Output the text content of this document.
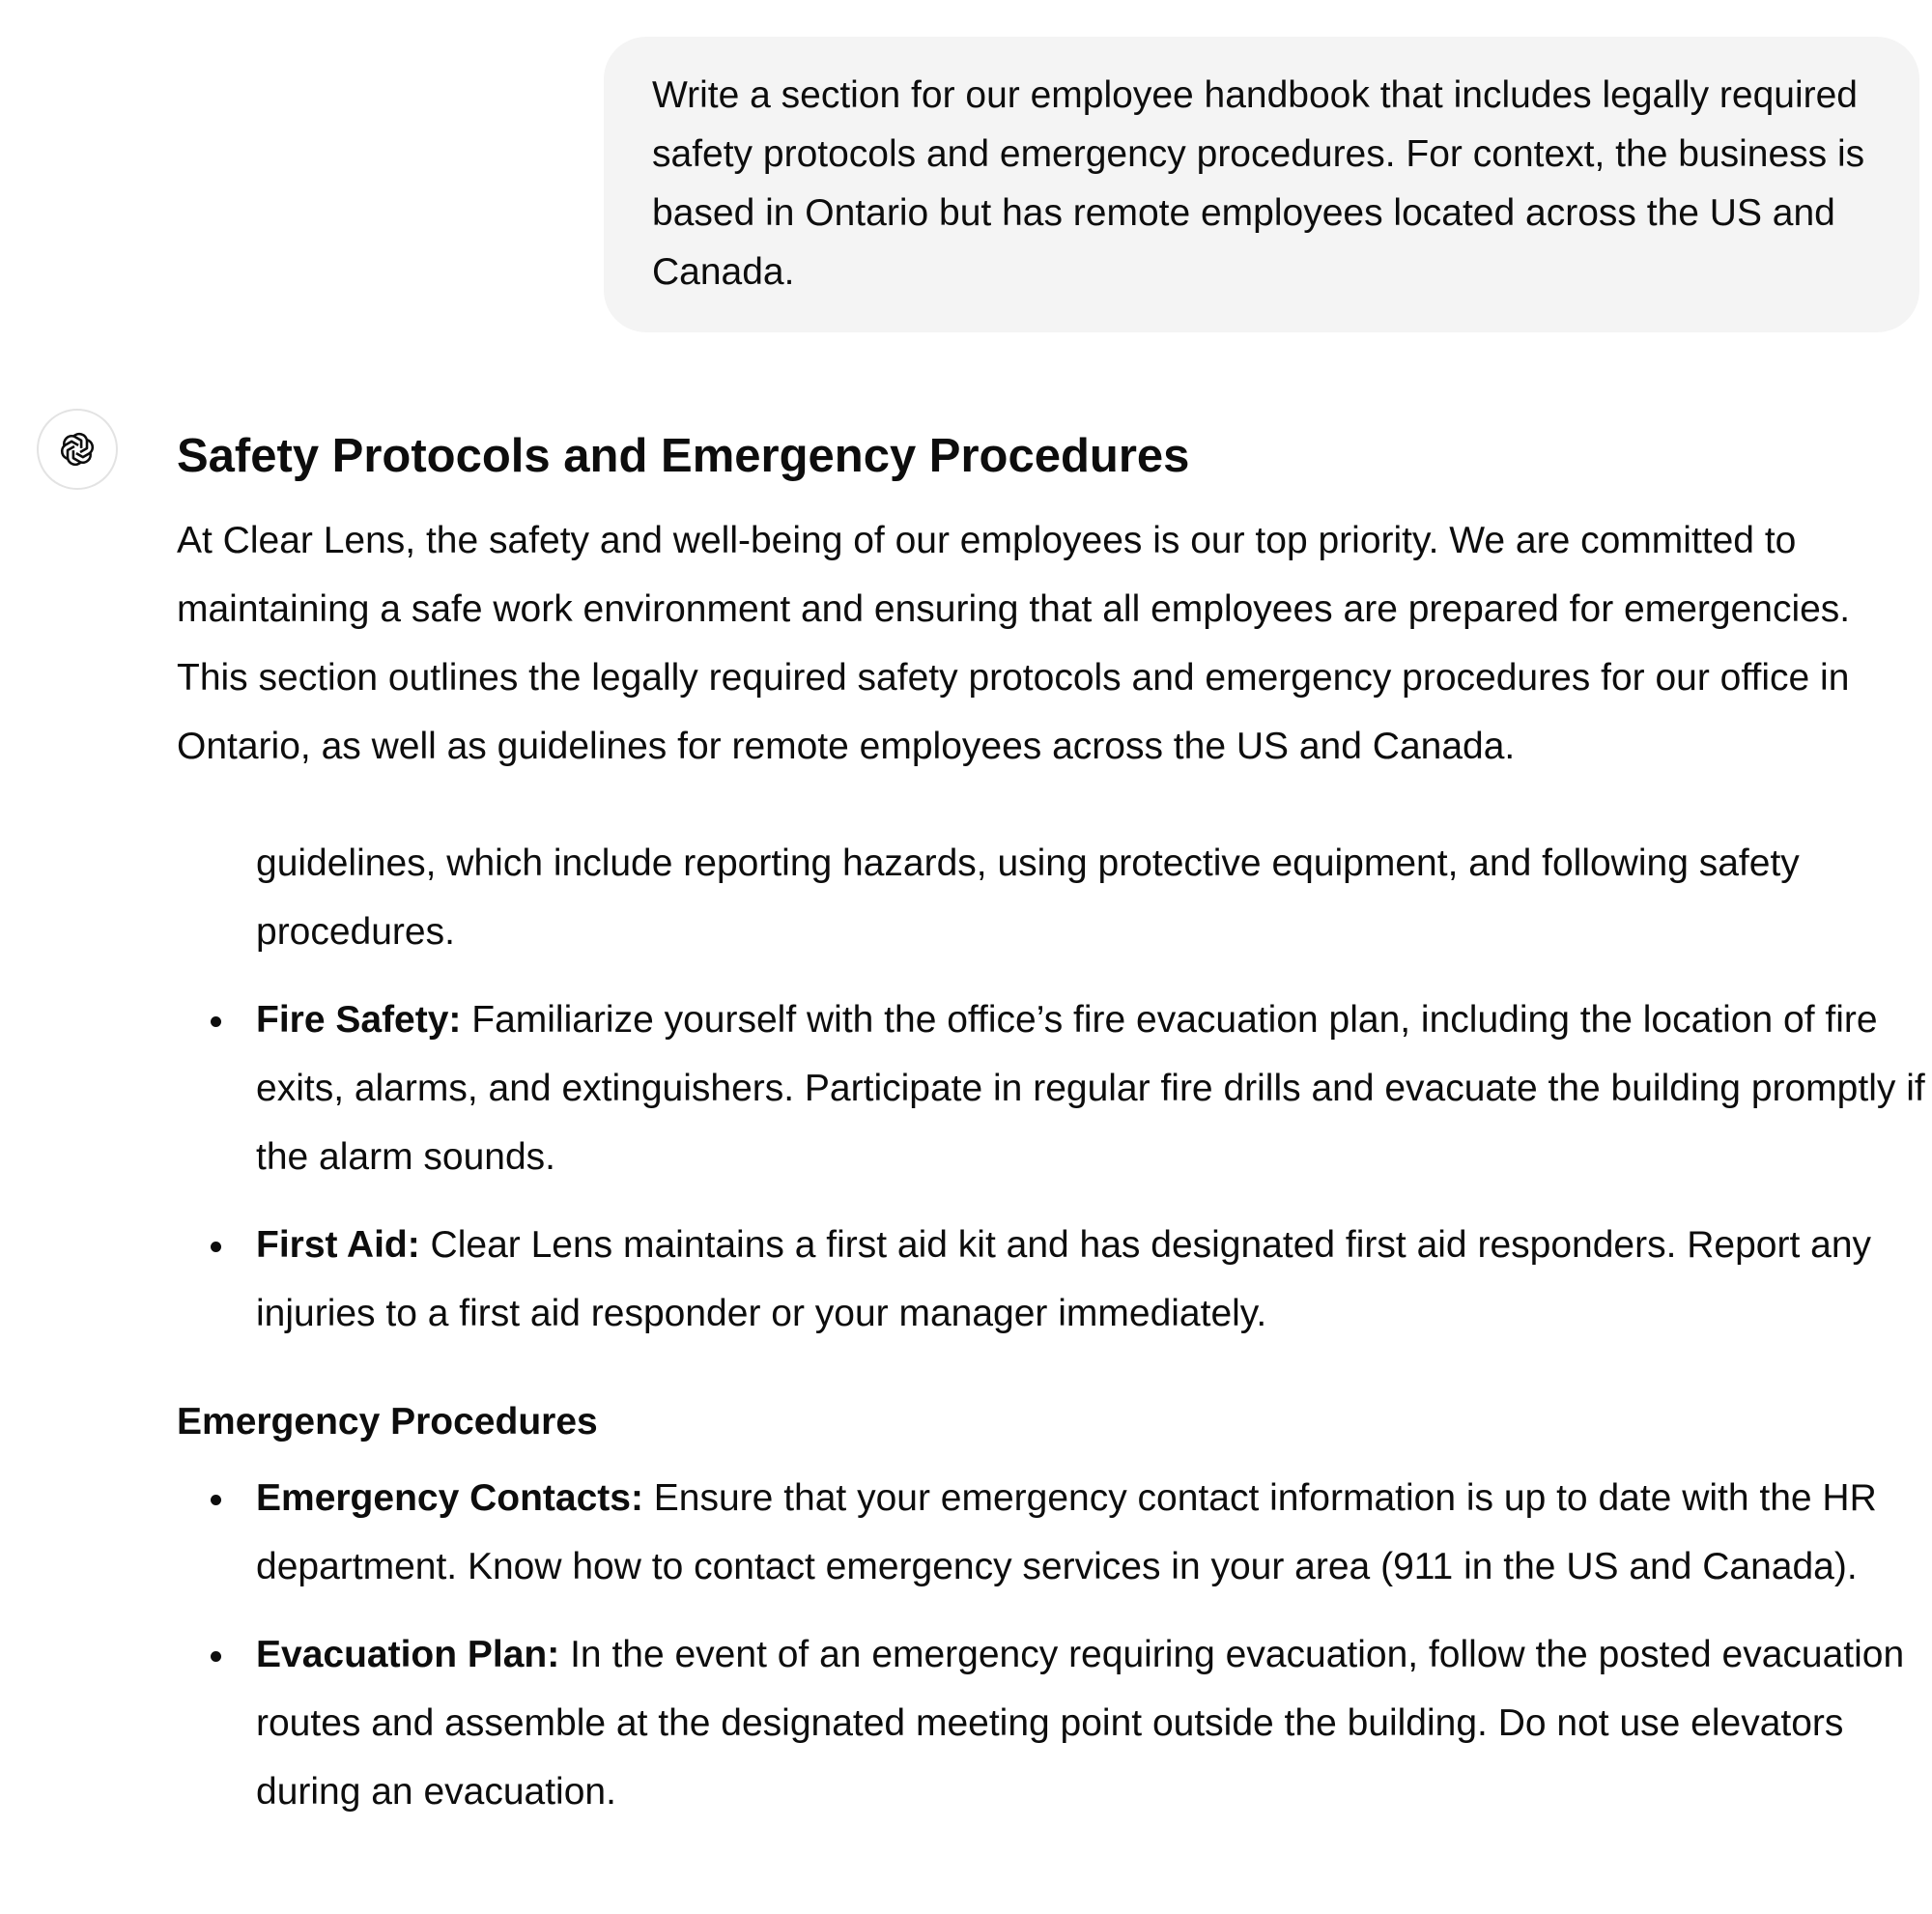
Write a section for our employee handbook that includes legally required safety protocols and emergency procedures. For context, the business is based in Ontario but has remote employees located across the US and Canada.
Safety Protocols and Emergency Procedures

At Clear Lens, the safety and well-being of our employees is our top priority. We are committed to maintaining a safe work environment and ensuring that all employees are prepared for emergencies. This section outlines the legally required safety protocols and emergency procedures for our office in Ontario, as well as guidelines for remote employees across the US and Canada.

guidelines, which include reporting hazards, using protective equipment, and following safety procedures.

Fire Safety: Familiarize yourself with the office’s fire evacuation plan, including the location of fire exits, alarms, and extinguishers. Participate in regular fire drills and evacuate the building promptly if the alarm sounds.
First Aid: Clear Lens maintains a first aid kit and has designated first aid responders. Report any injuries to a first aid responder or your manager immediately.
Emergency Procedures
Emergency Contacts: Ensure that your emergency contact information is up to date with the HR department. Know how to contact emergency services in your area (911 in the US and Canada).
Evacuation Plan: In the event of an emergency requiring evacuation, follow the posted evacuation routes and assemble at the designated meeting point outside the building. Do not use elevators during an evacuation.
